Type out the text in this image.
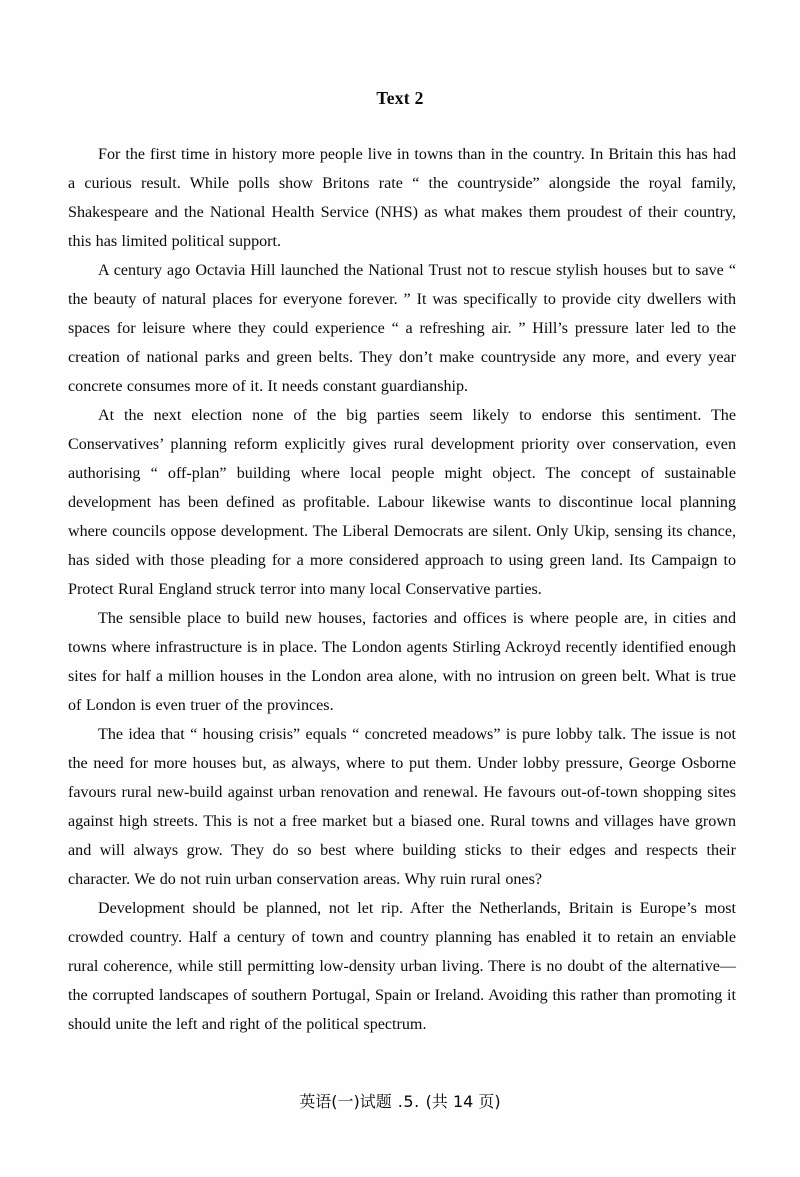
Text 2

For the first time in history more people live in towns than in the country. In Britain this has had a curious result. While polls show Britons rate “ the countryside” alongside the royal family, Shakespeare and the National Health Service (NHS) as what makes them proudest of their country, this has limited political support.

A century ago Octavia Hill launched the National Trust not to rescue stylish houses but to save “ the beauty of natural places for everyone forever. ” It was specifically to provide city dwellers with spaces for leisure where they could experience “ a refreshing air. ” Hill’s pressure later led to the creation of national parks and green belts. They don’t make countryside any more, and every year concrete consumes more of it. It needs constant guardianship.

At the next election none of the big parties seem likely to endorse this sentiment. The Conservatives’ planning reform explicitly gives rural development priority over conservation, even authorising “ off-plan” building where local people might object. The concept of sustainable development has been defined as profitable. Labour likewise wants to discontinue local planning where councils oppose development. The Liberal Democrats are silent. Only Ukip, sensing its chance, has sided with those pleading for a more considered approach to using green land. Its Campaign to Protect Rural England struck terror into many local Conservative parties.

The sensible place to build new houses, factories and offices is where people are, in cities and towns where infrastructure is in place. The London agents Stirling Ackroyd recently identified enough sites for half a million houses in the London area alone, with no intrusion on green belt. What is true of London is even truer of the provinces.

The idea that “ housing crisis” equals “ concreted meadows” is pure lobby talk. The issue is not the need for more houses but, as always, where to put them. Under lobby pressure, George Osborne favours rural new-build against urban renovation and renewal. He favours out-of-town shopping sites against high streets. This is not a free market but a biased one. Rural towns and villages have grown and will always grow. They do so best where building sticks to their edges and respects their character. We do not ruin urban conservation areas. Why ruin rural ones?

Development should be planned, not let rip. After the Netherlands, Britain is Europe’s most crowded country. Half a century of town and country planning has enabled it to retain an enviable rural coherence, while still permitting low-density urban living. There is no doubt of the alternative—the corrupted landscapes of southern Portugal, Spain or Ireland. Avoiding this rather than promoting it should unite the left and right of the political spectrum.

英语(一)试题 .5. (共 14 页)
